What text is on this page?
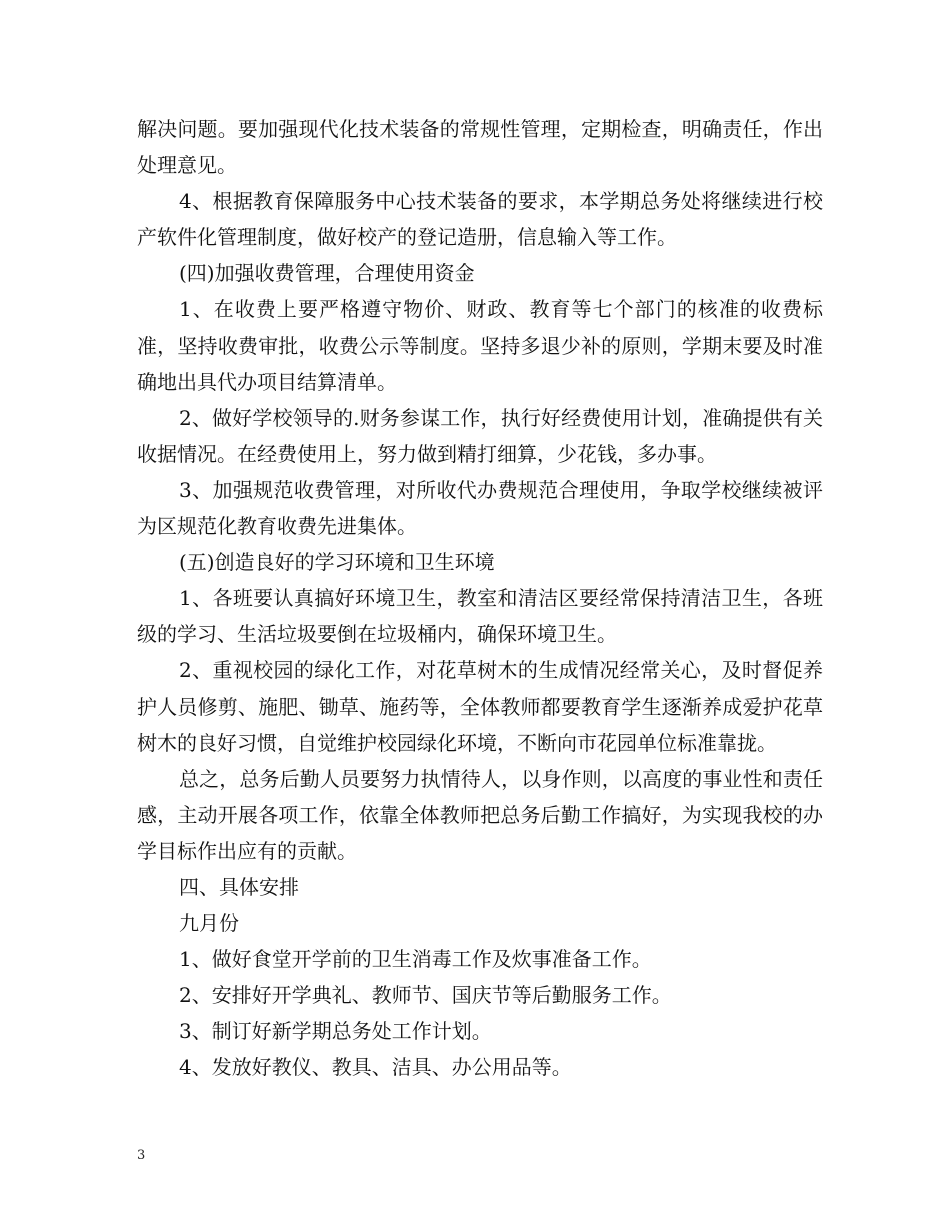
解决问题。要加强现代化技术装备的常规性管理，定期检查，明确责任，作出处理意见。

4、根据教育保障服务中心技术装备的要求，本学期总务处将继续进行校产软件化管理制度，做好校产的登记造册，信息输入等工作。

(四)加强收费管理，合理使用资金

1、在收费上要严格遵守物价、财政、教育等七个部门的核准的收费标准，坚持收费审批，收费公示等制度。坚持多退少补的原则，学期末要及时准确地出具代办项目结算清单。

2、做好学校领导的.财务参谋工作，执行好经费使用计划，准确提供有关收据情况。在经费使用上，努力做到精打细算，少花钱，多办事。

3、加强规范收费管理，对所收代办费规范合理使用，争取学校继续被评为区规范化教育收费先进集体。

(五)创造良好的学习环境和卫生环境

1、各班要认真搞好环境卫生，教室和清洁区要经常保持清洁卫生，各班级的学习、生活垃圾要倒在垃圾桶内，确保环境卫生。

2、重视校园的绿化工作，对花草树木的生成情况经常关心，及时督促养护人员修剪、施肥、锄草、施药等，全体教师都要教育学生逐渐养成爱护花草树木的良好习惯，自觉维护校园绿化环境，不断向市花园单位标准靠拢。

总之，总务后勤人员要努力执情待人，以身作则，以高度的事业性和责任感，主动开展各项工作，依靠全体教师把总务后勤工作搞好，为实现我校的办学目标作出应有的贡献。

四、具体安排

九月份

1、做好食堂开学前的卫生消毒工作及炊事准备工作。

2、安排好开学典礼、教师节、国庆节等后勤服务工作。

3、制订好新学期总务处工作计划。

4、发放好教仪、教具、洁具、办公用品等。

3
